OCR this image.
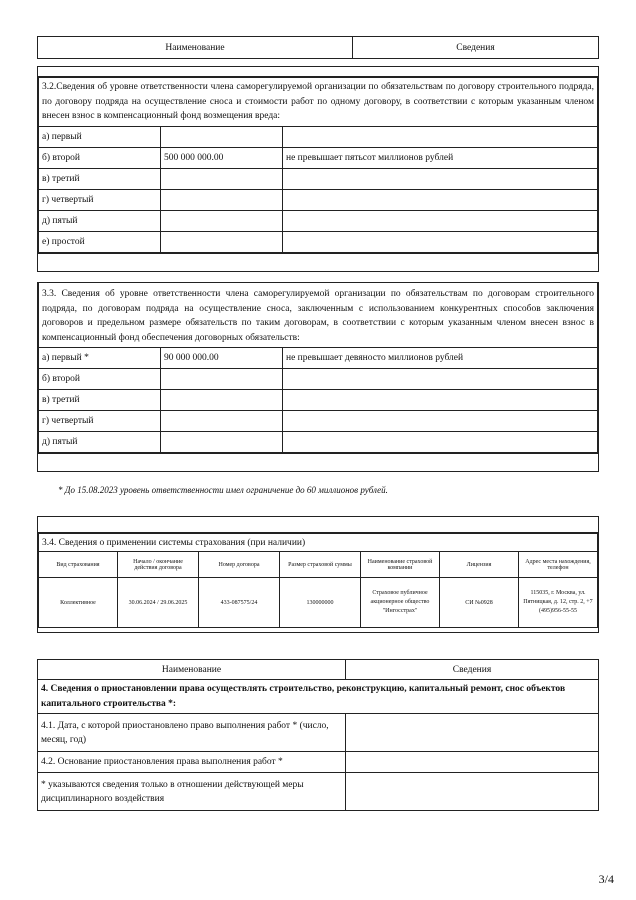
Наименование	Сведения

3.2.Сведения об уровне ответственности члена саморегулируемой организации по обязательствам по договору строительного подряда, по договору подряда на осуществление сноса и стоимости работ по одному договору, в соответствии с которым указанным членом внесен взнос в компенсационный фонд возмещения вреда:
а) первый		
б) второй	500 000 000.00	не превышает пятьсот миллионов рублей
в) третий		
г) четвертый		
д) пятый		
е) простой		

3.3. Сведения об уровне ответственности члена саморегулируемой организации по обязательствам по договорам строительного подряда, по договорам подряда на осуществление сноса, заключенным с использованием конкурентных способов заключения договоров и предельном размере обязательств по таким договорам, в соответствии с которым указанным членом внесен взнос в компенсационный фонд обеспечения договорных обязательств:
а) первый *	90 000 000.00	не превышает девяносто миллионов рублей
б) второй		
в) третий		
г) четвертый		
д) пятый		

* До 15.08.2023 уровень ответственности имел ограничение до 60 миллионов рублей.

3.4. Сведения о применении системы страхования (при наличии)
Вид страхования	Начало / окончание действия договора	Номер договора	Размер страховой суммы	Наименование страховой компании	Лицензия	Адрес места нахождения, телефон
Коллективное	30.06.2024 / 29.06.2025	433-087575/24	130000000	Страховое публичное акционерное общество "Ингосстрах"	СИ №0928	115035, г. Москва, ул. Пятницкая, д. 12, стр. 2, +7 (495)956-55-55
Наименование	Сведения
4. Сведения о приостановлении права осуществлять строительство, реконструкцию, капитальный ремонт, снос объектов капитального строительства *:	
4.1. Дата, с которой приостановлено право выполнения работ * (число, месяц, год)	
4.2. Основание приостановления права выполнения работ *	
* указываются сведения только в отношении действующей меры дисциплинарного воздействия	
3/4
